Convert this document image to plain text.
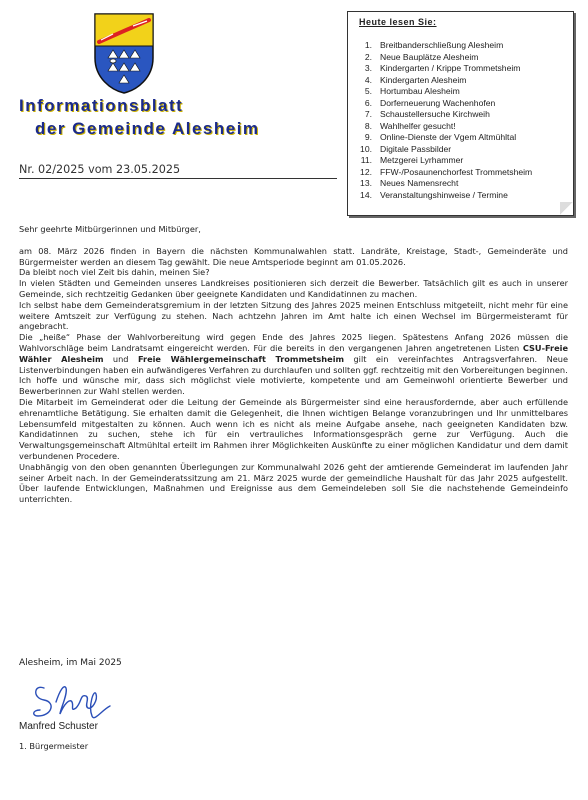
Informationsblatt
der Gemeinde Alesheim
Nr. 02/2025 vom 23.05.2025
Heute lesen Sie:
1. Breitbanderschließung Alesheim
2. Neue Bauplätze Alesheim
3. Kindergarten / Krippe Trommetsheim
4. Kindergarten Alesheim
5. Hortumbau Alesheim
6. Dorferneuerung Wachenhofen
7. Schaustellersuche Kirchweih
8. Wahlhelfer gesucht!
9. Online-Dienste der Vgem Altmühltal
10. Digitale Passbilder
11. Metzgerei Lyrhammer
12. FFW-/Posaunenchorfest Trommetsheim
13. Neues Namensrecht
14. Veranstaltungshinweise / Termine

Sehr geehrte Mitbürgerinnen und Mitbürger,

am 08. März 2026 finden in Bayern die nächsten Kommunalwahlen statt. Landräte, Kreistage, Stadt-, Gemeinderäte und Bürgermeister werden an diesem Tag gewählt. Die neue Amtsperiode beginnt am 01.05.2026.

Da bleibt noch viel Zeit bis dahin, meinen Sie?

In vielen Städten und Gemeinden unseres Landkreises positionieren sich derzeit die Bewerber. Tatsächlich gilt es auch in unserer Gemeinde, sich rechtzeitig Gedanken über geeignete Kandidaten und Kandidatinnen zu machen.

Ich selbst habe dem Gemeinderatsgremium in der letzten Sitzung des Jahres 2025 meinen Entschluss mitgeteilt, nicht mehr für eine weitere Amtszeit zur Verfügung zu stehen. Nach achtzehn Jahren im Amt halte ich einen Wechsel im Bürgermeisteramt für angebracht.

Die „heiße“ Phase der Wahlvorbereitung wird gegen Ende des Jahres 2025 liegen. Spätestens Anfang 2026 müssen die Wahlvorschläge beim Landratsamt eingereicht werden. Für die bereits in den vergangenen Jahren angetretenen Listen CSU-Freie Wähler Alesheim und Freie Wählergemeinschaft Trommetsheim gilt ein vereinfachtes Antragsverfahren. Neue Listenverbindungen haben ein aufwändigeres Verfahren zu durchlaufen und sollten ggf. rechtzeitig mit den Vorbereitungen beginnen.

Ich hoffe und wünsche mir, dass sich möglichst viele motivierte, kompetente und am Gemeinwohl orientierte Bewerber und Bewerberinnen zur Wahl stellen werden.

Die Mitarbeit im Gemeinderat oder die Leitung der Gemeinde als Bürgermeister sind eine herausfordernde, aber auch erfüllende ehrenamtliche Betätigung. Sie erhalten damit die Gelegenheit, die Ihnen wichtigen Belange voranzubringen und Ihr unmittelbares Lebensumfeld mitgestalten zu können. Auch wenn ich es nicht als meine Aufgabe ansehe, nach geeigneten Kandidaten bzw. Kandidatinnen zu suchen, stehe ich für ein vertrauliches Informationsgespräch gerne zur Verfügung. Auch die Verwaltungsgemeinschaft Altmühltal erteilt im Rahmen ihrer Möglichkeiten Auskünfte zu einer möglichen Kandidatur und dem damit verbundenen Procedere.

Unabhängig von den oben genannten Überlegungen zur Kommunalwahl 2026 geht der amtierende Gemeinderat im laufenden Jahr seiner Arbeit nach. In der Gemeinderatssitzung am 21. März 2025 wurde der gemeindliche Haushalt für das Jahr 2025 aufgestellt. Über laufende Entwicklungen, Maßnahmen und Ereignisse aus dem Gemeindeleben soll Sie die nachstehende Gemeindeinfo unterrichten.

Alesheim, im Mai 2025
Manfred Schuster
1. Bürgermeister
